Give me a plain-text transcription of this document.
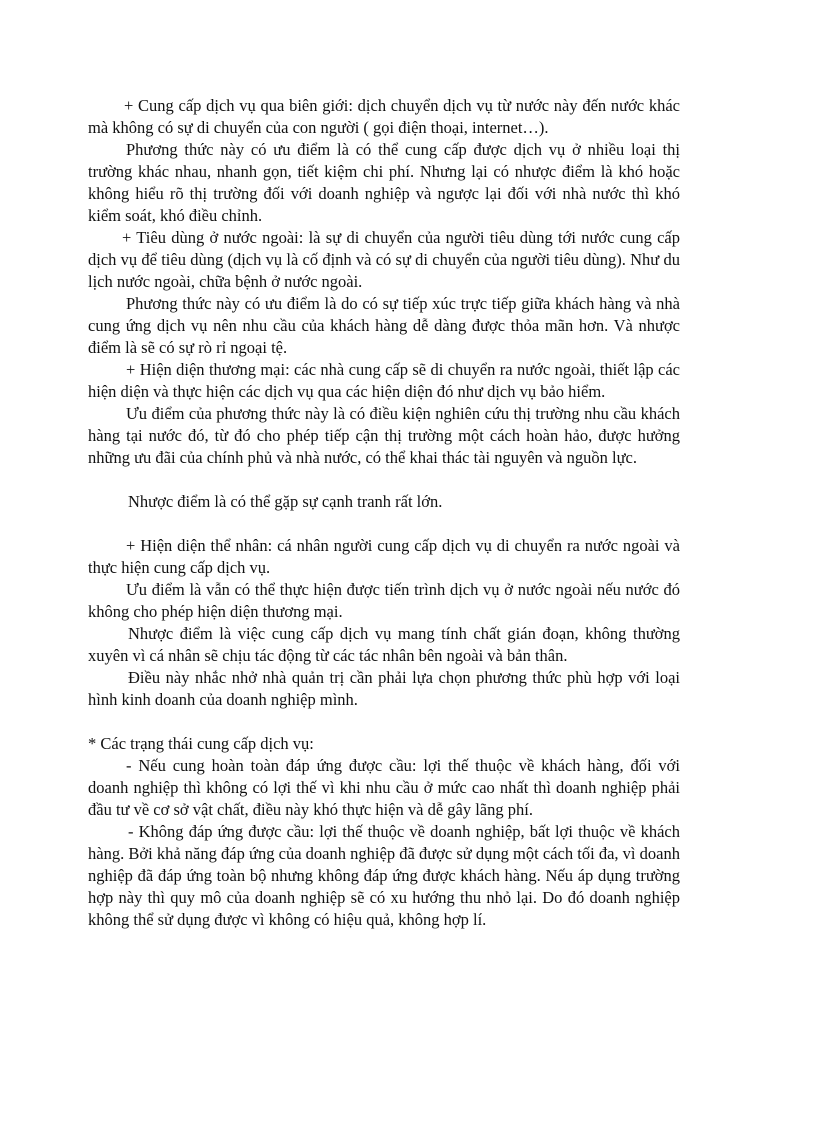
+ Cung cấp dịch vụ qua biên giới: dịch chuyển dịch vụ từ nước này đến nước khác mà không có sự di chuyển của con người ( gọi điện thoại, internet…).

Phương thức này có ưu điểm là có thể cung cấp được dịch vụ ở nhiều loại thị trường khác nhau, nhanh gọn, tiết kiệm chi phí. Nhưng lại có nhược điểm là khó hoặc không hiểu rõ thị trường đối với doanh nghiệp và ngược lại đối với nhà nước thì khó kiểm soát, khó điều chỉnh.

+ Tiêu dùng ở nước ngoài: là sự di chuyển của người tiêu dùng tới nước cung cấp dịch vụ để tiêu dùng (dịch vụ là cố định và có sự di chuyển của người tiêu dùng). Như du lịch nước ngoài, chữa bệnh ở nước ngoài.

Phương thức này có ưu điểm là do có sự tiếp xúc trực tiếp giữa khách hàng và nhà cung ứng dịch vụ nên nhu cầu của khách hàng dễ dàng được thỏa mãn hơn. Và nhược điểm là sẽ có sự rò rỉ ngoại tệ.

+ Hiện diện thương mại: các nhà cung cấp sẽ di chuyển ra nước ngoài, thiết lập các hiện diện và thực hiện các dịch vụ qua các hiện diện đó như dịch vụ bảo hiểm.

Ưu điểm của phương thức này là có điều kiện nghiên cứu thị trường nhu cầu khách hàng tại nước đó, từ đó cho phép tiếp cận thị trường một cách hoàn hảo, được hưởng những ưu đãi của chính phủ và nhà nước, có thể khai thác tài nguyên và nguồn lực.

Nhược điểm là có thể gặp sự cạnh tranh rất lớn.

+ Hiện diện thể nhân: cá nhân người cung cấp dịch vụ di chuyển ra nước ngoài và thực hiện cung cấp dịch vụ.

Ưu điểm là vẫn có thể thực hiện được tiến trình dịch vụ ở nước ngoài nếu nước đó không cho phép hiện diện thương mại.

Nhược điểm là việc cung cấp dịch vụ mang tính chất gián đoạn, không thường xuyên vì cá nhân sẽ chịu tác động từ các tác nhân bên ngoài và bản thân.

Điều này nhắc nhở nhà quản trị cần phải lựa chọn phương thức phù hợp với loại hình kinh doanh của doanh nghiệp mình.

* Các trạng thái cung cấp dịch vụ:

- Nếu cung hoàn toàn đáp ứng được cầu: lợi thế thuộc về khách hàng, đối với doanh nghiệp thì không có lợi thế vì khi nhu cầu ở mức cao nhất thì doanh nghiệp phải đầu tư về cơ sở vật chất, điều này khó thực hiện và dễ gây lãng phí.

- Không đáp ứng được cầu: lợi thế thuộc về doanh nghiệp, bất lợi thuộc về khách hàng. Bởi khả năng đáp ứng của doanh nghiệp đã được sử dụng một cách tối đa, vì doanh nghiệp đã đáp ứng toàn bộ nhưng không đáp ứng được khách hàng. Nếu áp dụng trường hợp này thì quy mô của doanh nghiệp sẽ có xu hướng thu nhỏ lại. Do đó doanh nghiệp không thể sử dụng được vì không có hiệu quả, không hợp lí.
